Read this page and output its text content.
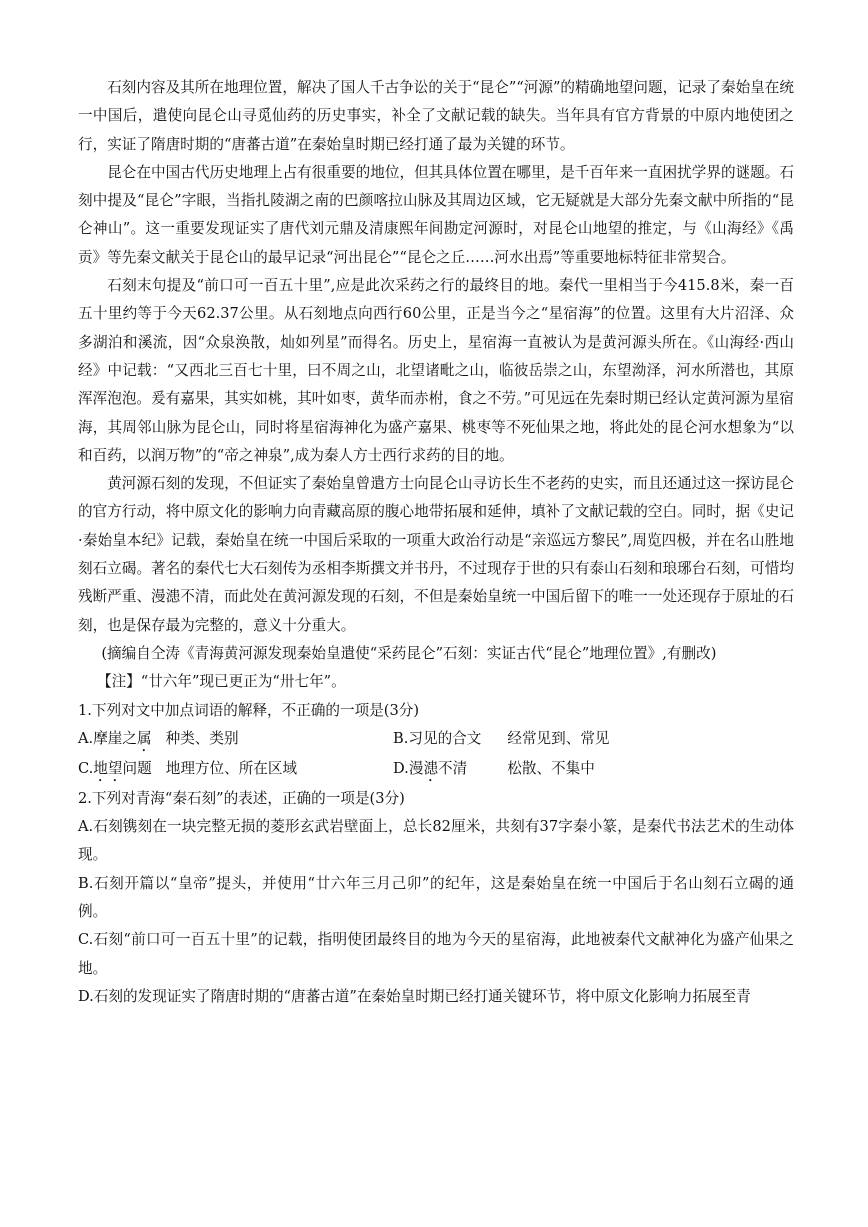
石刻内容及其所在地理位置，解决了国人千古争讼的关于“昆仑”“河源”的精确地望问题，记录了秦始皇在统一中国后，遣使向昆仑山寻觅仙药的历史事实，补全了文献记载的缺失。当年具有官方背景的中原内地使团之行，实证了隋唐时期的“唐蕃古道”在秦始皇时期已经打通了最为关键的环节。

昆仑在中国古代历史地理上占有很重要的地位，但其具体位置在哪里，是千百年来一直困扰学界的谜题。石刻中提及“昆仑”字眼，当指扎陵湖之南的巴颜喀拉山脉及其周边区域，它无疑就是大部分先秦文献中所指的“昆仑神山”。这一重要发现证实了唐代刘元鼎及清康熙年间勘定河源时，对昆仑山地望的推定，与《山海经》《禹贡》等先秦文献关于昆仑山的最早记录“河出昆仑”“昆仑之丘……河水出焉”等重要地标特征非常契合。

石刻末句提及“前口可一百五十里”,应是此次采药之行的最终目的地。秦代一里相当于今415.8米，秦一百五十里约等于今天62.37公里。从石刻地点向西行60公里，正是当今之“星宿海”的位置。这里有大片沼泽、众多湖泊和溪流，因“众泉涣散，灿如列星”而得名。历史上，星宿海一直被认为是黄河源头所在。《山海经·西山经》中记载：“又西北三百七十里，曰不周之山，北望诸毗之山，临彼岳崇之山，东望泑泽，河水所潜也，其原浑浑泡泡。爰有嘉果，其实如桃，其叶如枣，黄华而赤柎，食之不劳。”可见远在先秦时期已经认定黄河源为星宿海，其周邻山脉为昆仑山，同时将星宿海神化为盛产嘉果、桃枣等不死仙果之地，将此处的昆仑河水想象为“以和百药，以润万物”的“帝之神泉”,成为秦人方士西行求药的目的地。

黄河源石刻的发现，不但证实了秦始皇曾遣方士向昆仑山寻访长生不老药的史实，而且还通过这一探访昆仑的官方行动，将中原文化的影响力向青藏高原的腹心地带拓展和延伸，填补了文献记载的空白。同时，据《史记·秦始皇本纪》记载，秦始皇在统一中国后采取的一项重大政治行动是“亲巡远方黎民”,周览四极，并在名山胜地刻石立碣。著名的秦代七大石刻传为丞相李斯撰文并书丹，不过现存于世的只有泰山石刻和琅琊台石刻，可惜均残断严重、漫漶不清，而此处在黄河源发现的石刻，不但是秦始皇统一中国后留下的唯一一处还现存于原址的石刻，也是保存最为完整的，意义十分重大。

(摘编自仝涛《青海黄河源发现秦始皇遣使“采药昆仑”石刻：实证古代“昆仑”地理位置》,有删改)

【注】“廿六年”现已更正为“卅七年”。

1.下列对文中加点词语的解释，不正确的一项是(3分)

A.摩崖之属 种类、类别	B.习见的合文 经常见到、常见
C.地望问题 地理方位、所在区域	D.漫漶不清	松散、不集中

2.下列对青海“秦石刻”的表述，正确的一项是(3分)

A.石刻镌刻在一块完整无损的菱形玄武岩壁面上，总长82厘米，共刻有37字秦小篆，是秦代书法艺术的生动体现。

B.石刻开篇以“皇帝”提头，并使用“廿六年三月己卯”的纪年，这是秦始皇在统一中国后于名山刻石立碣的通例。

C.石刻“前口可一百五十里”的记载，指明使团最终目的地为今天的星宿海，此地被秦代文献神化为盛产仙果之地。

D.石刻的发现证实了隋唐时期的“唐蕃古道”在秦始皇时期已经打通关键环节，将中原文化影响力拓展至青
